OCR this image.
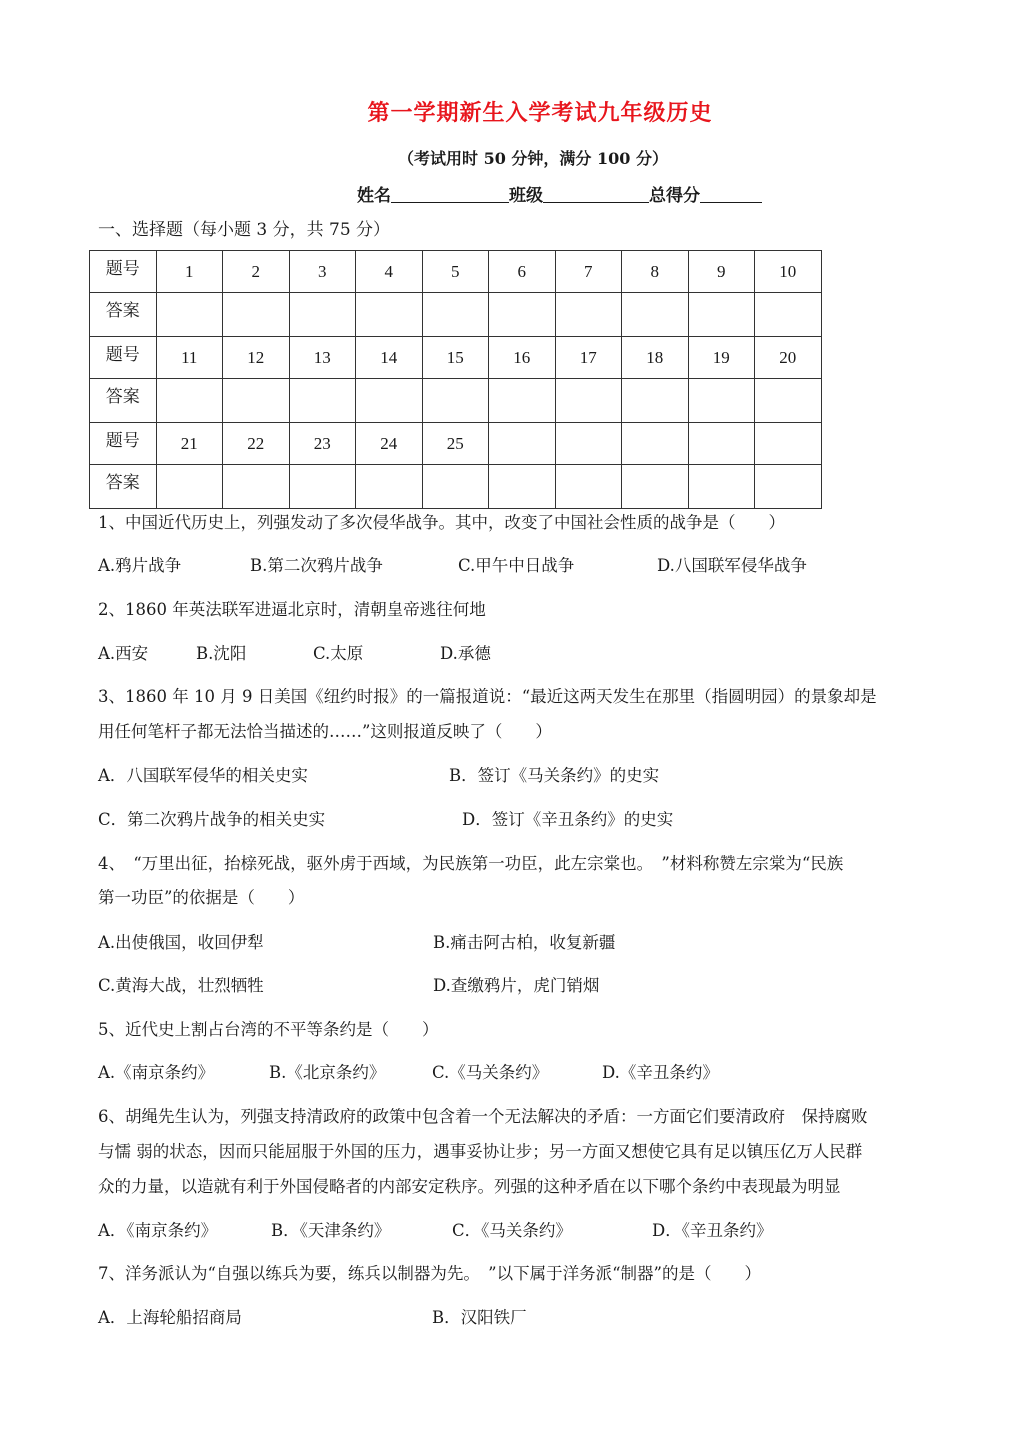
第一学期新生入学考试九年级历史
（考试用时 50 分钟，满分 100 分）
姓名	班级	总得分
一、选择题（每小题 3 分，共 75 分）
题号	1	2	3	4	5	6	7	8	9	10
答案										
题号	11	12	13	14	15	16	17	18	19	20
答案										
题号	21	22	23	24	25					
答案										
1、中国近代历史上，列强发动了多次侵华战争。其中，改变了中国社会性质的战争是（　　）
A.鸦片战争	B.第二次鸦片战争	C.甲午中日战争	D.八国联军侵华战争
2、1860 年英法联军进逼北京时，清朝皇帝逃往何地
A.西安	B.沈阳	C.太原	D.承德
3、1860 年 10 月 9 日美国《纽约时报》的一篇报道说：“最近这两天发生在那里（指圆明园）的景象却是
用任何笔杆子都无法恰当描述的……”这则报道反映了（　　）
A．八国联军侵华的相关史实	B．签订《马关条约》的史实
C．第二次鸦片战争的相关史实	D．签订《辛丑条约》的史实
4、　“万里出征，抬榇死战，驱外虏于西域，为民族第一功臣，此左宗棠也。　”材料称赞左宗棠为“民族
第一功臣”的依据是（　　）
A.出使俄国，收回伊犁	B.痛击阿古柏，收复新疆
C.黄海大战，壮烈牺牲	D.查缴鸦片，虎门销烟
5、近代史上割占台湾的不平等条约是（　　）
A.《南京条约》	B.《北京条约》	C.《马关条约》	D.《辛丑条约》
6、胡绳先生认为，列强支持清政府的政策中包含着一个无法解决的矛盾：一方面它们要清政府　保持腐败
与懦 弱的状态，因而只能屈服于外国的压力，遇事妥协让步；另一方面又想使它具有足以镇压亿万人民群
众的力量，以造就有利于外国侵略者的内部安定秩序。列强的这种矛盾在以下哪个条约中表现最为明显
A．《南京条约》	B．《天津条约》	C．《马关条约》	D．《辛丑条约》
7、洋务派认为“自强以练兵为要，练兵以制器为先。　”以下属于洋务派“制器”的是（　　）
A．上海轮船招商局	B．汉阳铁厂
